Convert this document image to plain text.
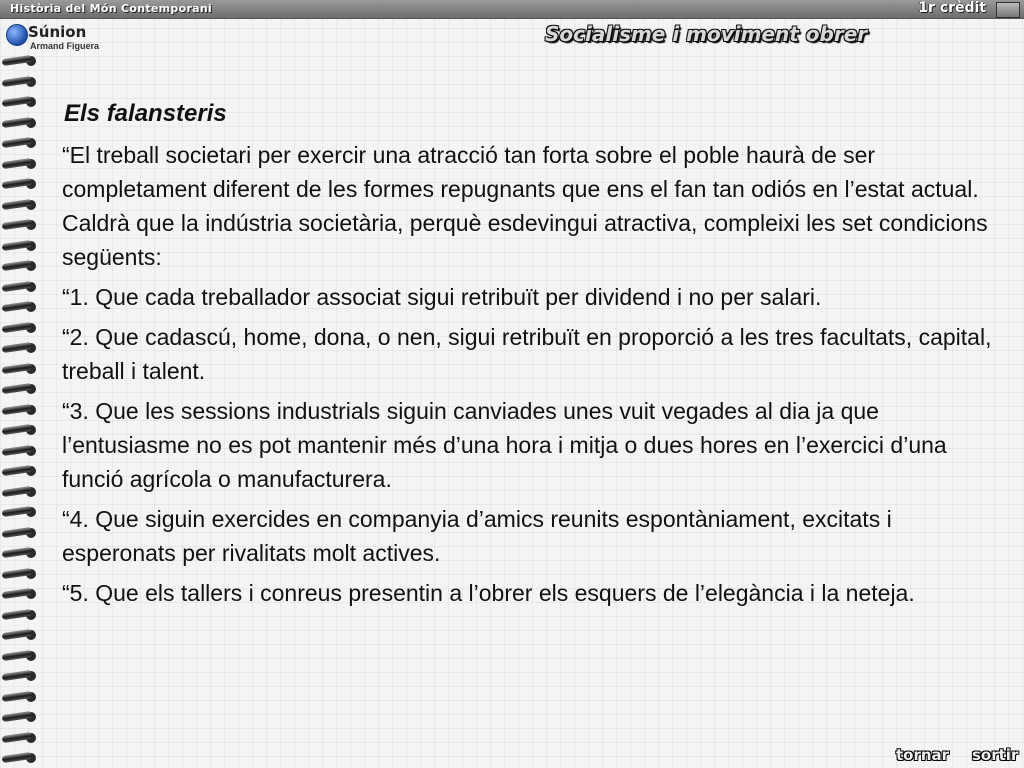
Història del Món Contemporani	1r crèdit
Súnion
Armand Figuera	Socialisme i moviment obrer
Els falansteris

“El treball societari per exercir una atracció tan forta sobre el poble haurà de ser completament diferent de les formes repugnants que ens el fan tan odiós en l’estat actual. Caldrà que la indústria societària, perquè esdevingui atractiva, compleixi les set condicions següents:

“1. Que cada treballador associat sigui retribuït per dividend i no per salari.

“2. Que cadascú, home, dona, o nen, sigui retribuït en proporció a les tres facultats, capital, treball i talent.

“3. Que les sessions industrials siguin canviades unes vuit vegades al dia ja que l’entusiasme no es pot mantenir més d’una hora i mitja o dues hores en l’exercici d’una funció agrícola o manufacturera.

“4. Que siguin exercides en companyia d’amics reunits espontàniament, excitats i esperonats per rivalitats molt actives.

“5. Que els tallers i conreus presentin a l’obrer els esquers de l’elegància i la neteja.

tornar sortir
